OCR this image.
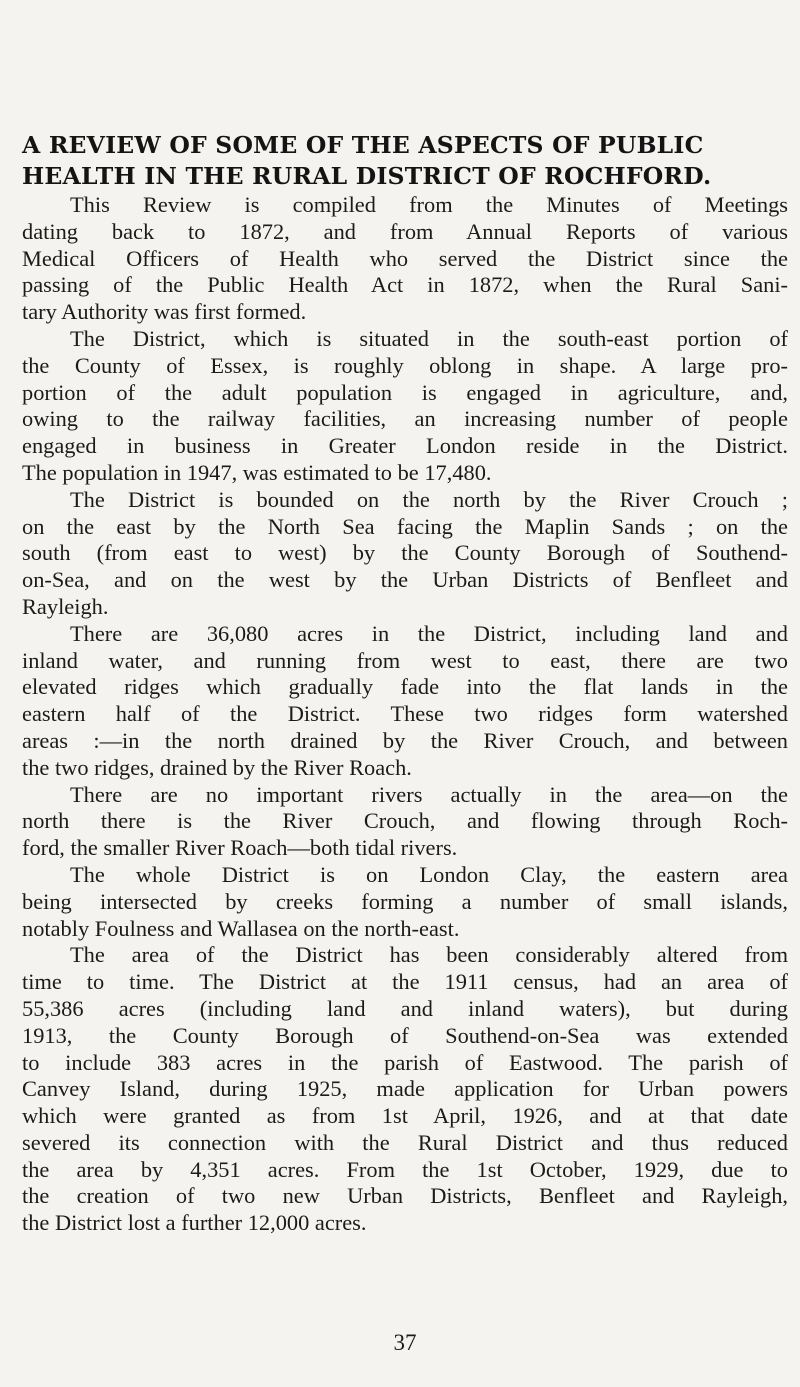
A REVIEW OF SOME OF THE ASPECTS OF PUBLIC
HEALTH IN THE RURAL DISTRICT OF ROCHFORD.

This Review is compiled from the Minutes of Meetings
dating back to 1872, and from Annual Reports of various
Medical Officers of Health who served the District since the
passing of the Public Health Act in 1872, when the Rural Sani-
tary Authority was first formed.

The District, which is situated in the south-east portion of
the County of Essex, is roughly oblong in shape. A large pro-
portion of the adult population is engaged in agriculture, and,
owing to the railway facilities, an increasing number of people
engaged in business in Greater London reside in the District.
The population in 1947, was estimated to be 17,480.

The District is bounded on the north by the River Crouch ;
on the east by the North Sea facing the Maplin Sands ; on the
south (from east to west) by the County Borough of Southend-
on-Sea, and on the west by the Urban Districts of Benfleet and
Rayleigh.

There are 36,080 acres in the District, including land and
inland water, and running from west to east, there are two
elevated ridges which gradually fade into the flat lands in the
eastern half of the District. These two ridges form watershed
areas :—in the north drained by the River Crouch, and between
the two ridges, drained by the River Roach.

There are no important rivers actually in the area—on the
north there is the River Crouch, and flowing through Roch-
ford, the smaller River Roach—both tidal rivers.

The whole District is on London Clay, the eastern area
being intersected by creeks forming a number of small islands,
notably Foulness and Wallasea on the north-east.

The area of the District has been considerably altered from
time to time. The District at the 1911 census, had an area of
55,386 acres (including land and inland waters), but during
1913, the County Borough of Southend-on-Sea was extended
to include 383 acres in the parish of Eastwood. The parish of
Canvey Island, during 1925, made application for Urban powers
which were granted as from 1st April, 1926, and at that date
severed its connection with the Rural District and thus reduced
the area by 4,351 acres. From the 1st October, 1929, due to
the creation of two new Urban Districts, Benfleet and Rayleigh,
the District lost a further 12,000 acres.

37
